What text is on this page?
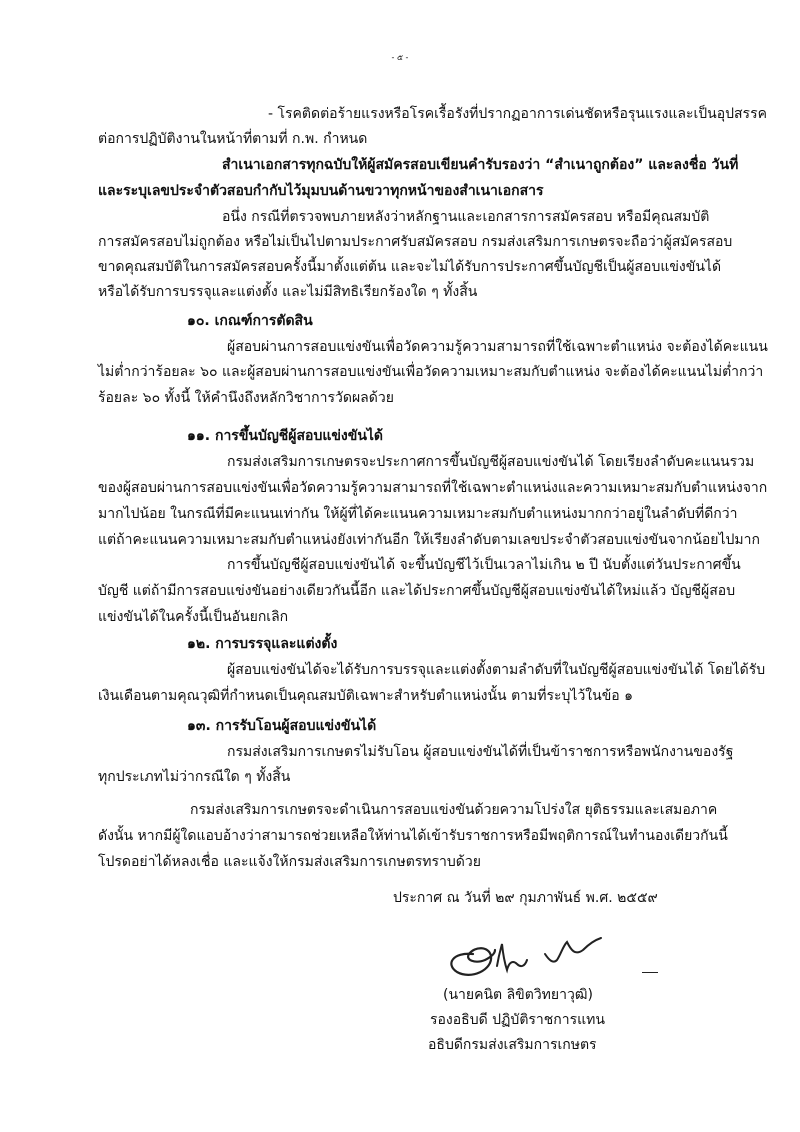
- ๕ -
- โรคติดต่อร้ายแรงหรือโรคเรื้อรังที่ปรากฏอาการเด่นชัดหรือรุนแรงและเป็นอุปสรรค
ต่อการปฏิบัติงานในหน้าที่ตามที่ ก.พ. กำหนด
สำเนาเอกสารทุกฉบับให้ผู้สมัครสอบเขียนคำรับรองว่า “สำเนาถูกต้อง” และลงชื่อ วันที่
และระบุเลขประจำตัวสอบกำกับไว้มุมบนด้านขวาทุกหน้าของสำเนาเอกสาร
อนึ่ง กรณีที่ตรวจพบภายหลังว่าหลักฐานและเอกสารการสมัครสอบ หรือมีคุณสมบัติ
การสมัครสอบไม่ถูกต้อง หรือไม่เป็นไปตามประกาศรับสมัครสอบ กรมส่งเสริมการเกษตรจะถือว่าผู้สมัครสอบ
ขาดคุณสมบัติในการสมัครสอบครั้งนี้มาตั้งแต่ต้น และจะไม่ได้รับการประกาศขึ้นบัญชีเป็นผู้สอบแข่งขันได้
หรือได้รับการบรรจุและแต่งตั้ง และไม่มีสิทธิเรียกร้องใด ๆ ทั้งสิ้น
๑๐. เกณฑ์การตัดสิน
ผู้สอบผ่านการสอบแข่งขันเพื่อวัดความรู้ความสามารถที่ใช้เฉพาะตำแหน่ง จะต้องได้คะแนน
ไม่ต่ำกว่าร้อยละ ๖๐ และผู้สอบผ่านการสอบแข่งขันเพื่อวัดความเหมาะสมกับตำแหน่ง จะต้องได้คะแนนไม่ต่ำกว่า
ร้อยละ ๖๐ ทั้งนี้ ให้คำนึงถึงหลักวิชาการวัดผลด้วย
๑๑. การขึ้นบัญชีผู้สอบแข่งขันได้
กรมส่งเสริมการเกษตรจะประกาศการขึ้นบัญชีผู้สอบแข่งขันได้ โดยเรียงลำดับคะแนนรวม
ของผู้สอบผ่านการสอบแข่งขันเพื่อวัดความรู้ความสามารถที่ใช้เฉพาะตำแหน่งและความเหมาะสมกับตำแหน่งจาก
มากไปน้อย ในกรณีที่มีคะแนนเท่ากัน ให้ผู้ที่ได้คะแนนความเหมาะสมกับตำแหน่งมากกว่าอยู่ในลำดับที่ดีกว่า
แต่ถ้าคะแนนความเหมาะสมกับตำแหน่งยังเท่ากันอีก ให้เรียงลำดับตามเลขประจำตัวสอบแข่งขันจากน้อยไปมาก
การขึ้นบัญชีผู้สอบแข่งขันได้ จะขึ้นบัญชีไว้เป็นเวลาไม่เกิน ๒ ปี นับตั้งแต่วันประกาศขึ้น
บัญชี แต่ถ้ามีการสอบแข่งขันอย่างเดียวกันนี้อีก และได้ประกาศขึ้นบัญชีผู้สอบแข่งขันได้ใหม่แล้ว บัญชีผู้สอบ
แข่งขันได้ในครั้งนี้เป็นอันยกเลิก
๑๒. การบรรจุและแต่งตั้ง
ผู้สอบแข่งขันได้จะได้รับการบรรจุและแต่งตั้งตามลำดับที่ในบัญชีผู้สอบแข่งขันได้ โดยได้รับ
เงินเดือนตามคุณวุฒิที่กำหนดเป็นคุณสมบัติเฉพาะสำหรับตำแหน่งนั้น ตามที่ระบุไว้ในข้อ ๑
๑๓. การรับโอนผู้สอบแข่งขันได้
กรมส่งเสริมการเกษตรไม่รับโอน ผู้สอบแข่งขันได้ที่เป็นข้าราชการหรือพนักงานของรัฐ
ทุกประเภทไม่ว่ากรณีใด ๆ ทั้งสิ้น
กรมส่งเสริมการเกษตรจะดำเนินการสอบแข่งขันด้วยความโปร่งใส ยุติธรรมและเสมอภาค
ดังนั้น หากมีผู้ใดแอบอ้างว่าสามารถช่วยเหลือให้ท่านได้เข้ารับราชการหรือมีพฤติการณ์ในทำนองเดียวกันนี้
โปรดอย่าได้หลงเชื่อ และแจ้งให้กรมส่งเสริมการเกษตรทราบด้วย
ประกาศ ณ วันที่ ๒๙ กุมภาพันธ์ พ.ศ. ๒๕๕๙
(นายคนิต ลิขิตวิทยาวุฒิ)
รองอธิบดี ปฏิบัติราชการแทน
อธิบดีกรมส่งเสริมการเกษตร
